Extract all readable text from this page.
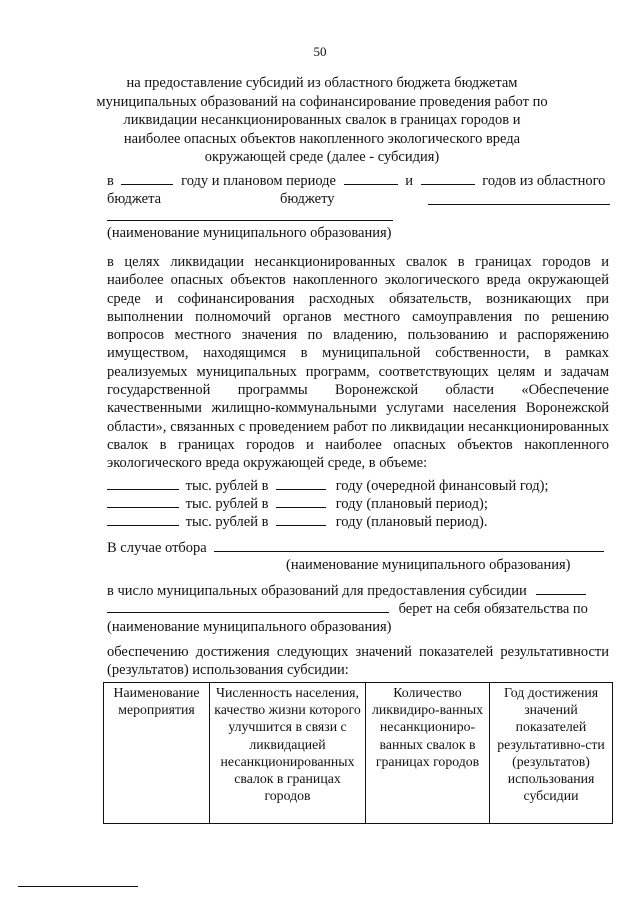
50
на предоставление субсидий из областного бюджета бюджетам муниципальных образований на софинансирование проведения работ по ликвидации несанкционированных свалок в границах городов и наиболее опасных объектов накопленного экологического вреда окружающей среде (далее - субсидия)
в	году и плановом периоде	и	годов из областного
бюджета	бюджету
(наименование муниципального образования)

в целях ликвидации несанкционированных свалок в границах городов и наиболее опасных объектов накопленного экологического вреда окружающей среде и софинансирования расходных обязательств, возникающих при выполнении полномочий органов местного самоуправления по решению вопросов местного значения по владению, пользованию и распоряжению имуществом, находящимся в муниципальной собственности, в рамках реализуемых муниципальных программ, соответствующих целям и задачам государственной программы Воронежской области «Обеспечение качественными жилищно-коммунальными услугами населения Воронежской области», связанных с проведением работ по ликвидации несанкционированных свалок в границах городов и наиболее опасных объектов накопленного экологического вреда окружающей среде, в объеме:

тыс. рублей в	году (очередной финансовый год);
тыс. рублей в	году (плановый период);
тыс. рублей в	году (плановый период).
В случае отбора
(наименование муниципального образования)
в число муниципальных образований для предоставления субсидии
берет на себя обязательства по
(наименование муниципального образования)

обеспечению достижения следующих значений показателей результативности (результатов) использования субсидии:

Наименование мероприятия	Численность населения, качество жизни которого улучшится в связи с ликвидацией несанкционированных свалок в границах городов	Количество ликвидиро-ванных несанкциониро-ванных свалок в границах городов	Год достижения значений показателей результативно-сти (результатов) использования субсидии
